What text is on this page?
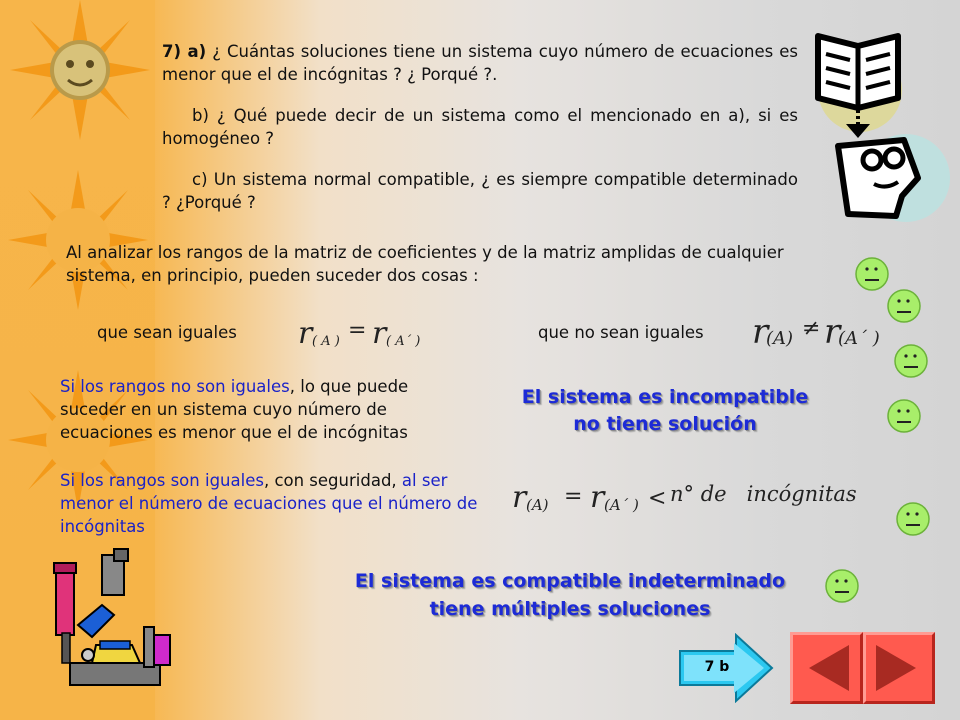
7) a) ¿ Cuántas soluciones tiene un sistema cuyo número de ecuaciones es menor que el de incógnitas ? ¿ Porqué ?.
b) ¿ Qué puede decir de un sistema como el mencionado en a), si es homogéneo ?
c) Un sistema normal compatible, ¿ es siempre compatible determinado ? ¿Porqué ?
Al analizar los rangos de la matriz de coeficientes y de la matriz amplidas de cualquier sistema, en principio, pueden suceder dos cosas :
que sean iguales	que no sean iguales
r ( A ) = r ( A´ )	r
(A) ≠ r
(A´ )
Si los rangos no son iguales, lo que puede suceder en un sistema cuyo número de ecuaciones es menor que el de incógnitas
Si los rangos son iguales, con seguridad, al ser menor el número de ecuaciones que el número de incógnitas
El sistema es incompatible
no tiene solución
r (A) = r (A´ ) < n° de   incógnitas
El sistema es compatible indeterminado
tiene múltiples soluciones
7 b
